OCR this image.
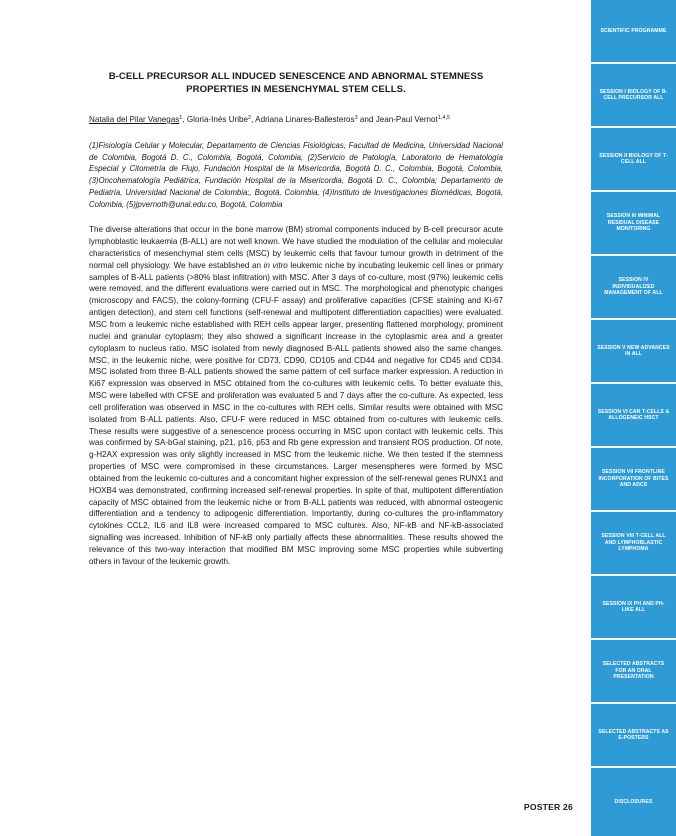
B-CELL PRECURSOR ALL INDUCED SENESCENCE AND ABNORMAL STEMNESS PROPERTIES IN MESENCHYMAL STEM CELLS.
Natalia del Pilar Vanegas$^1$, Gloria-Inés Uribe$^2$, Adriana Linares-Ballesteros$^3$ and Jean-Paul Vernot$^{1,4,5}$
(1)Fisiología Celular y Molecular, Departamento de Ciencias Fisiológicas, Facultad de Medicina, Universidad Nacional de Colombia, Bogotá D. C., Colombia, Bogotá, Colombia, (2)Servicio de Patología, Laboratorio de Hematología Especial y Citometría de Flujo, Fundación Hospital de la Misericordia, Bogotá D. C., Colombia, Bogotá, Colombia, (3)Oncohematología Pediátrica, Fundación Hospital de la Misericordia, Bogotá D. C., Colombia; Departamento de Pediatría, Universidad Nacional de Colombia;, Bogotá, Colombia, (4)Instituto de Investigaciones Biomédicas, Bogotá, Colombia, (5)jpvernoth@unal.edu.co, Bogotá, Colombia
The diverse alterations that occur in the bone marrow (BM) stromal components induced by B-cell precursor acute lymphoblastic leukaemia (B-ALL) are not well known. We have studied the modulation of the cellular and molecular characteristics of mesenchymal stem cells (MSC) by leukemic cells that favour tumour growth in detriment of the normal cell physiology. We have established an in vitro leukemic niche by incubating leukemic cell lines or primary samples of B-ALL patients (>80% blast infiltration) with MSC. After 3 days of co-culture, most (97%) leukemic cells were removed, and the different evaluations were carried out in MSC. The morphological and phenotypic changes (microscopy and FACS), the colony-forming (CFU-F assay) and proliferative capacities (CFSE staining and Ki-67 antigen detection), and stem cell functions (self-renewal and multipotent differentiation capacities) were evaluated. MSC from a leukemic niche established with REH cells appear larger, presenting flattened morphology, prominent nuclei and granular cytoplasm; they also showed a significant increase in the cytoplasmic area and a greater cytoplasm to nucleus ratio. MSC isolated from newly diagnosed B-ALL patients showed also the same changes. MSC, in the leukemic niche, were positive for CD73, CD90, CD105 and CD44 and negative for CD45 and CD34. MSC isolated from three B-ALL patients showed the same pattern of cell surface marker expression. A reduction in Ki67 expression was observed in MSC obtained from the co-cultures with leukemic cells. To better evaluate this, MSC were labelled with CFSE and proliferation was evaluated 5 and 7 days after the co-culture. As expected, less cell proliferation was observed in MSC in the co-cultures with REH cells. Similar results were obtained with MSC isolated from B-ALL patients. Also, CFU-F were reduced in MSC obtained from co-cultures with leukemic cells. These results were suggestive of a senescence process occurring in MSC upon contact with leukemic cells. This was confirmed by SA-bGal staining, p21, p16, p53 and Rb gene expression and transient ROS production. Of note, g-H2AX expression was only slightly increased in MSC from the leukemic niche. We then tested if the stemness properties of MSC were compromised in these circumstances. Larger mesenspheres were formed by MSC obtained from the leukemic co-cultures and a concomitant higher expression of the self-renewal genes RUNX1 and HOXB4 was demonstrated, confirming increased self-renewal properties. In spite of that, multipotent differentiation capacity of MSC obtained from the leukemic niche or from B-ALL patients was reduced, with abnormal osteogenic differentiation and a tendency to adipogenic differentiation. Importantly, during co-cultures the pro-inflammatory cytokines CCL2, IL6 and IL8 were increased compared to MSC cultures. Also, NF-kB and NF-kB-associated signalling was increased. Inhibition of NF-kB only partially affects these abnormalities. These results showed the relevance of this two-way interaction that modified BM MSC improving some MSC properties while subverting others in favour of the leukemic growth.
POSTER 26
SCIENTIFIC PROGRAMME
SESSION I BIOLOGY OF B-CELL PRECURSOR ALL
SESSION II BIOLOGY OF T-CELL ALL
SESSION III MINIMAL RESIDUAL DISEASE MONITORING
SESSION IV INDIVIDUALIZED MANAGEMENT OF ALL
SESSION V NEW ADVANCES IN ALL
SESSION VI CAR T-CELLS & ALLOGENEIC HSCT
SESSION VII FRONTLINE INCORPORATION OF BITES AND ADCS
SESSION VIII T-CELL ALL AND LYMPHOBLASTIC LYMPHOMA
SESSION IX PH AND PH-LIKE ALL
SELECTED ABSTRACTS FOR AN ORAL PRESENTATION
SELECTED ABSTRACTS AS E-POSTERS
DISCLOSURES
